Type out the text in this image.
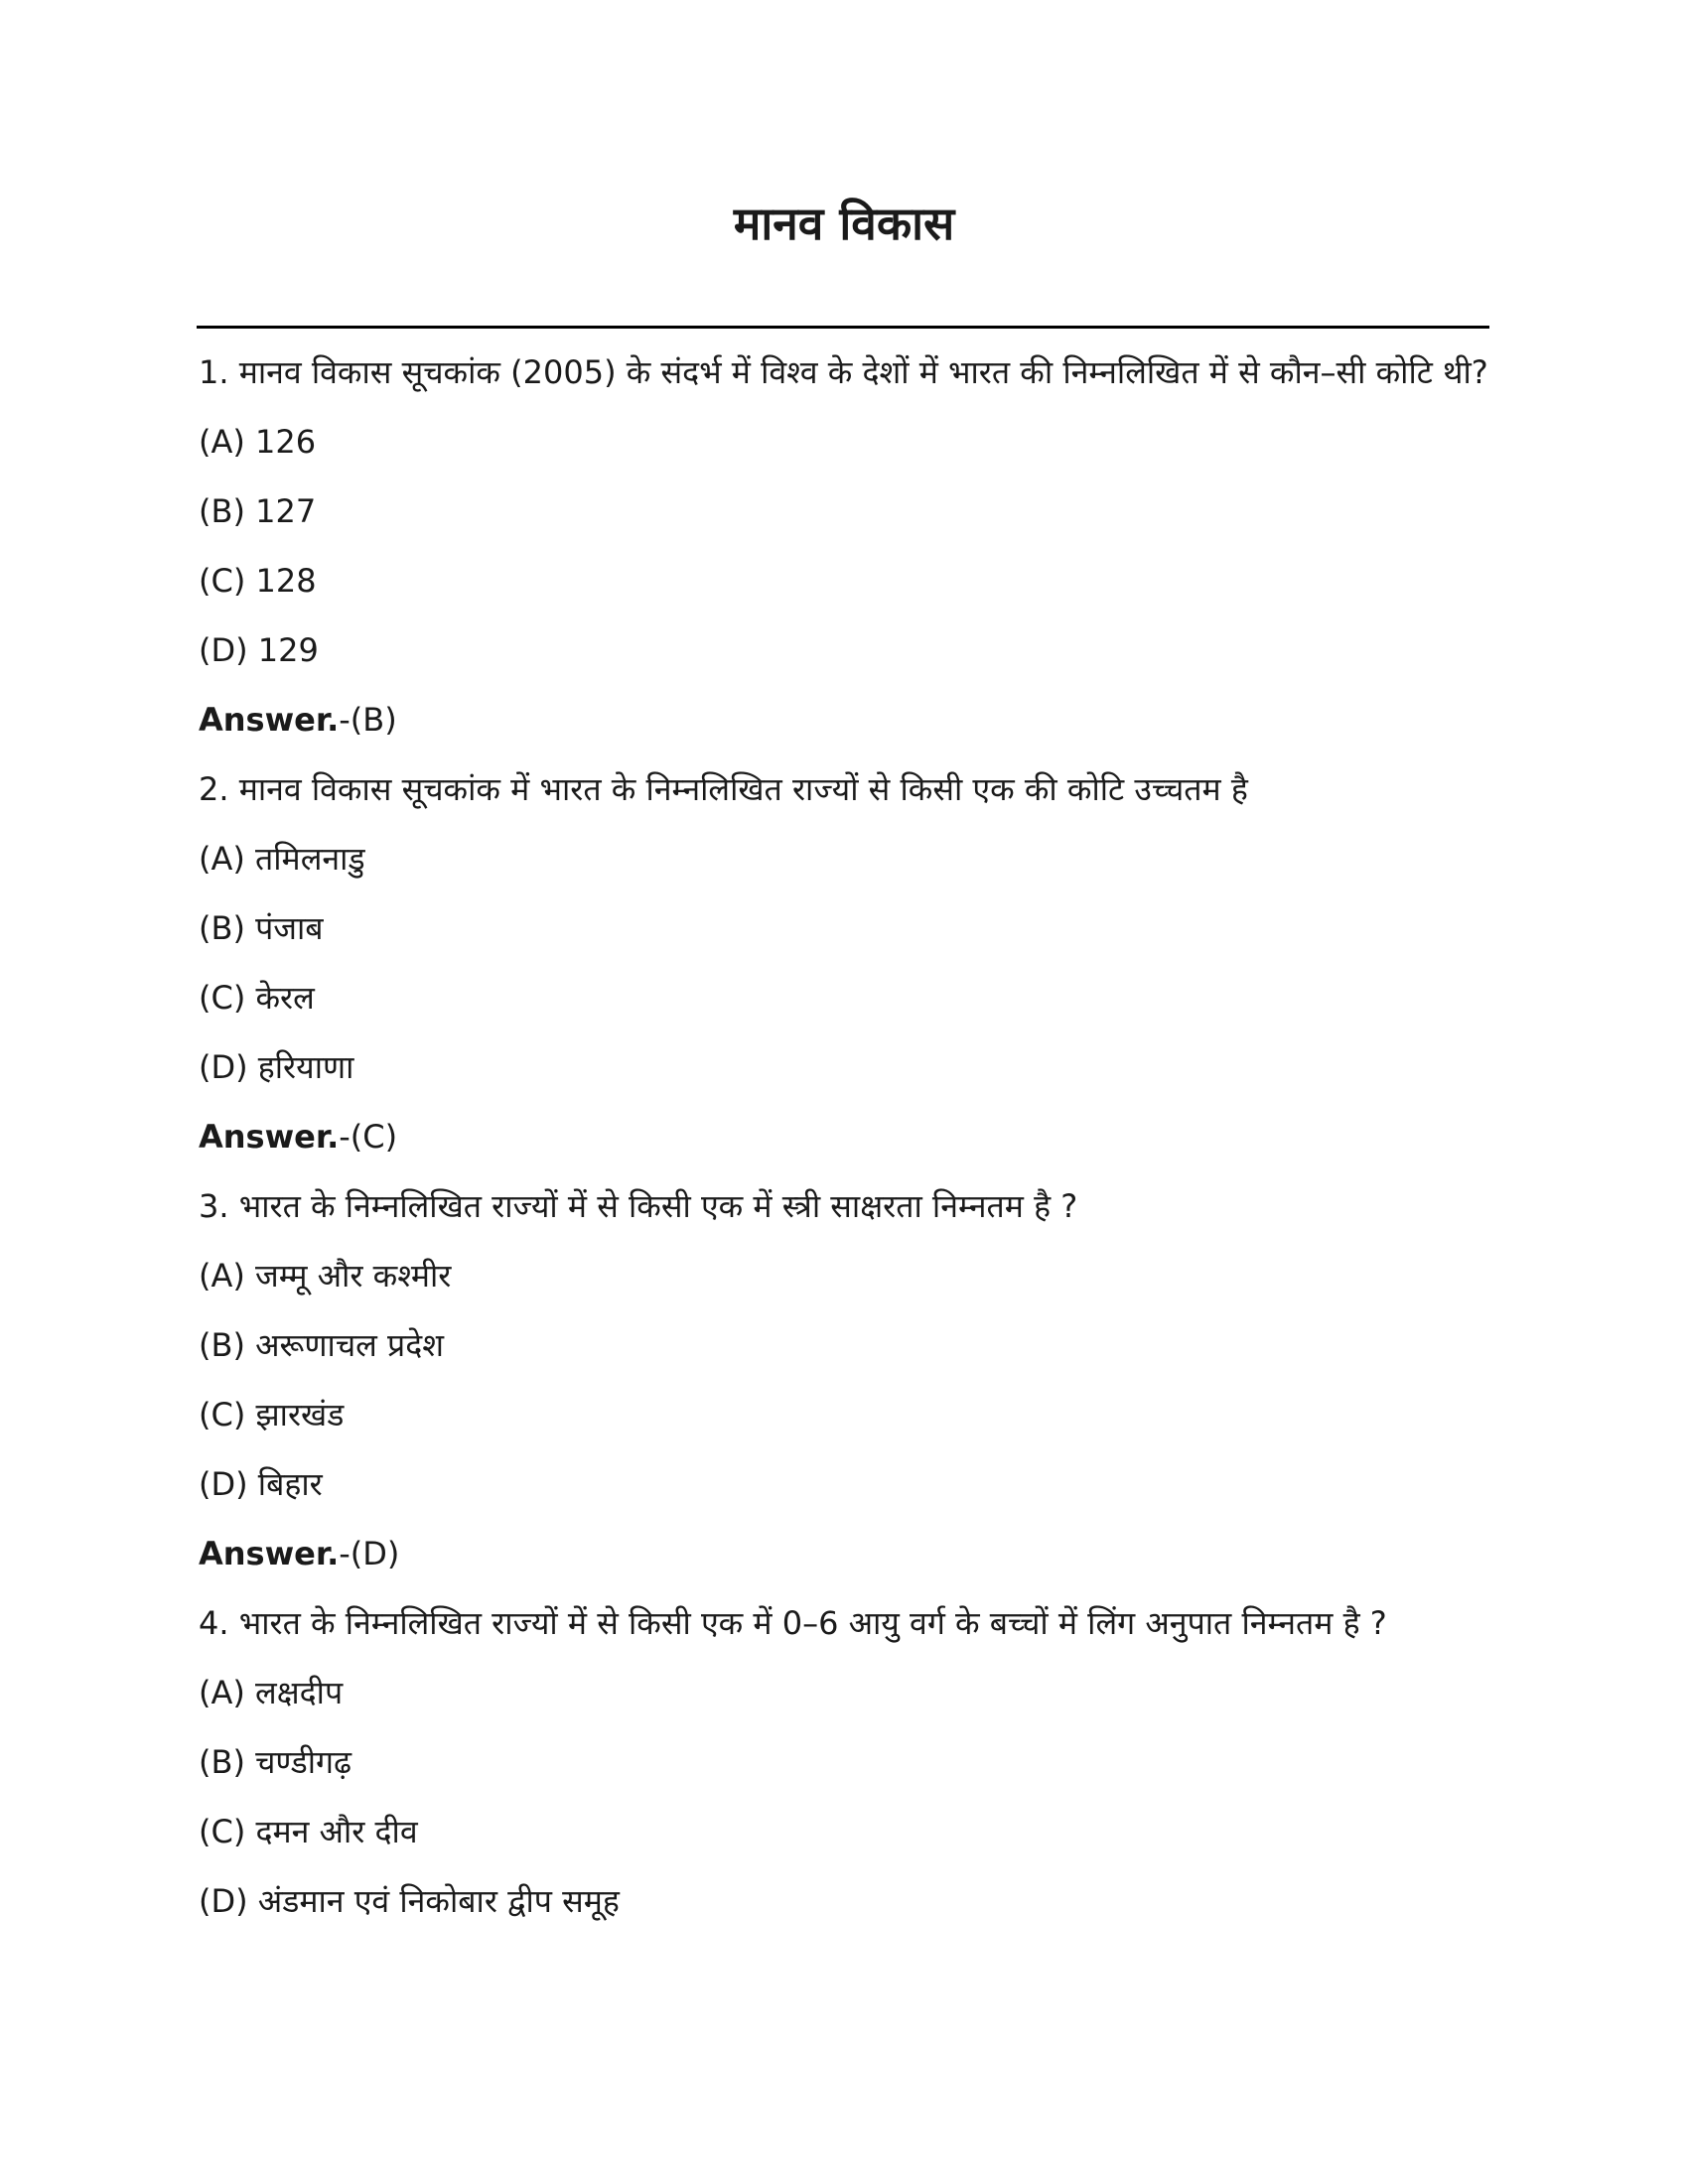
मानव विकास

1. मानव विकास सूचकांक (2005) के संदर्भ में विश्व के देशों में भारत की निम्नलिखित में से कौन–सी कोटि थी?

(A) 126
(B) 127
(C) 128
(D) 129
Answer.-(B)

2. मानव विकास सूचकांक में भारत के निम्नलिखित राज्यों से किसी एक की कोटि उच्चतम है

(A) तमिलनाडु
(B) पंजाब
(C) केरल
(D) हरियाणा
Answer.-(C)

3. भारत के निम्नलिखित राज्यों में से किसी एक में स्त्री साक्षरता निम्नतम है ?

(A) जम्मू और कश्मीर
(B) अरूणाचल प्रदेश
(C) झारखंड
(D) बिहार
Answer.-(D)

4. भारत के निम्नलिखित राज्यों में से किसी एक में 0–6 आयु वर्ग के बच्चों में लिंग अनुपात निम्नतम है ?

(A) लक्षदीप
(B) चण्डीगढ़
(C) दमन और दीव
(D) अंडमान एवं निकोबार द्वीप समूह
